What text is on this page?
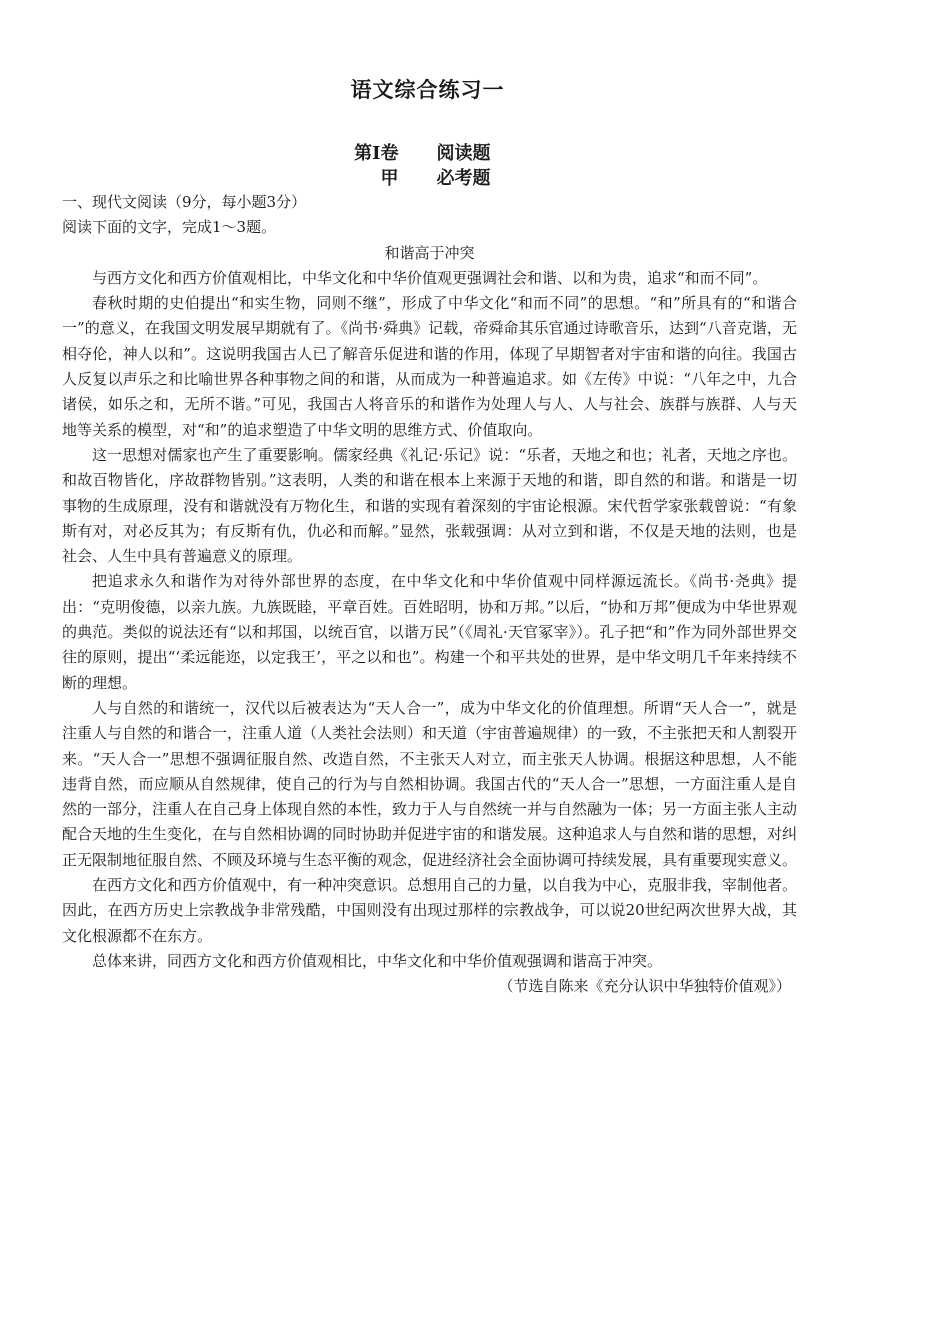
语文综合练习一
第Ⅰ卷 阅读题
甲 必考题

一、现代文阅读（9分，每小题3分）

阅读下面的文字，完成1～3题。

和谐高于冲突

与西方文化和西方价值观相比，中华文化和中华价值观更强调社会和谐、以和为贵，追求“和而不同”。

春秋时期的史伯提出“和实生物，同则不继”，形成了中华文化“和而不同”的思想。“和”所具有的“和谐合一”的意义，在我国文明发展早期就有了。《尚书·舜典》记载，帝舜命其乐官通过诗歌音乐，达到“八音克谐，无相夺伦，神人以和”。这说明我国古人已了解音乐促进和谐的作用，体现了早期智者对宇宙和谐的向往。我国古人反复以声乐之和比喻世界各种事物之间的和谐，从而成为一种普遍追求。如《左传》中说：“八年之中，九合诸侯，如乐之和，无所不谐。”可见，我国古人将音乐的和谐作为处理人与人、人与社会、族群与族群、人与天地等关系的模型，对“和”的追求塑造了中华文明的思维方式、价值取向。

这一思想对儒家也产生了重要影响。儒家经典《礼记·乐记》说：“乐者，天地之和也；礼者，天地之序也。和故百物皆化，序故群物皆别。”这表明，人类的和谐在根本上来源于天地的和谐，即自然的和谐。和谐是一切事物的生成原理，没有和谐就没有万物化生，和谐的实现有着深刻的宇宙论根源。宋代哲学家张载曾说：“有象斯有对，对必反其为；有反斯有仇，仇必和而解。”显然，张载强调：从对立到和谐，不仅是天地的法则，也是社会、人生中具有普遍意义的原理。

把追求永久和谐作为对待外部世界的态度，在中华文化和中华价值观中同样源远流长。《尚书·尧典》提出：“克明俊德，以亲九族。九族既睦，平章百姓。百姓昭明，协和万邦。”以后，“协和万邦”便成为中华世界观的典范。类似的说法还有“以和邦国，以统百官，以谐万民”（《周礼·天官冢宰》）。孔子把“和”作为同外部世界交往的原则，提出“‘柔远能迩，以定我王’，平之以和也”。构建一个和平共处的世界，是中华文明几千年来持续不断的理想。

人与自然的和谐统一，汉代以后被表达为“天人合一”，成为中华文化的价值理想。所谓“天人合一”，就是注重人与自然的和谐合一，注重人道（人类社会法则）和天道（宇宙普遍规律）的一致，不主张把天和人割裂开来。“天人合一”思想不强调征服自然、改造自然，不主张天人对立，而主张天人协调。根据这种思想，人不能违背自然，而应顺从自然规律，使自己的行为与自然相协调。我国古代的“天人合一”思想，一方面注重人是自然的一部分，注重人在自己身上体现自然的本性，致力于人与自然统一并与自然融为一体；另一方面主张人主动配合天地的生生变化，在与自然相协调的同时协助并促进宇宙的和谐发展。这种追求人与自然和谐的思想，对纠正无限制地征服自然、不顾及环境与生态平衡的观念，促进经济社会全面协调可持续发展，具有重要现实意义。

在西方文化和西方价值观中，有一种冲突意识。总想用自己的力量，以自我为中心，克服非我，宰制他者。因此，在西方历史上宗教战争非常残酷，中国则没有出现过那样的宗教战争，可以说20世纪两次世界大战，其文化根源都不在东方。

总体来讲，同西方文化和西方价值观相比，中华文化和中华价值观强调和谐高于冲突。

（节选自陈来《充分认识中华独特价值观》）
